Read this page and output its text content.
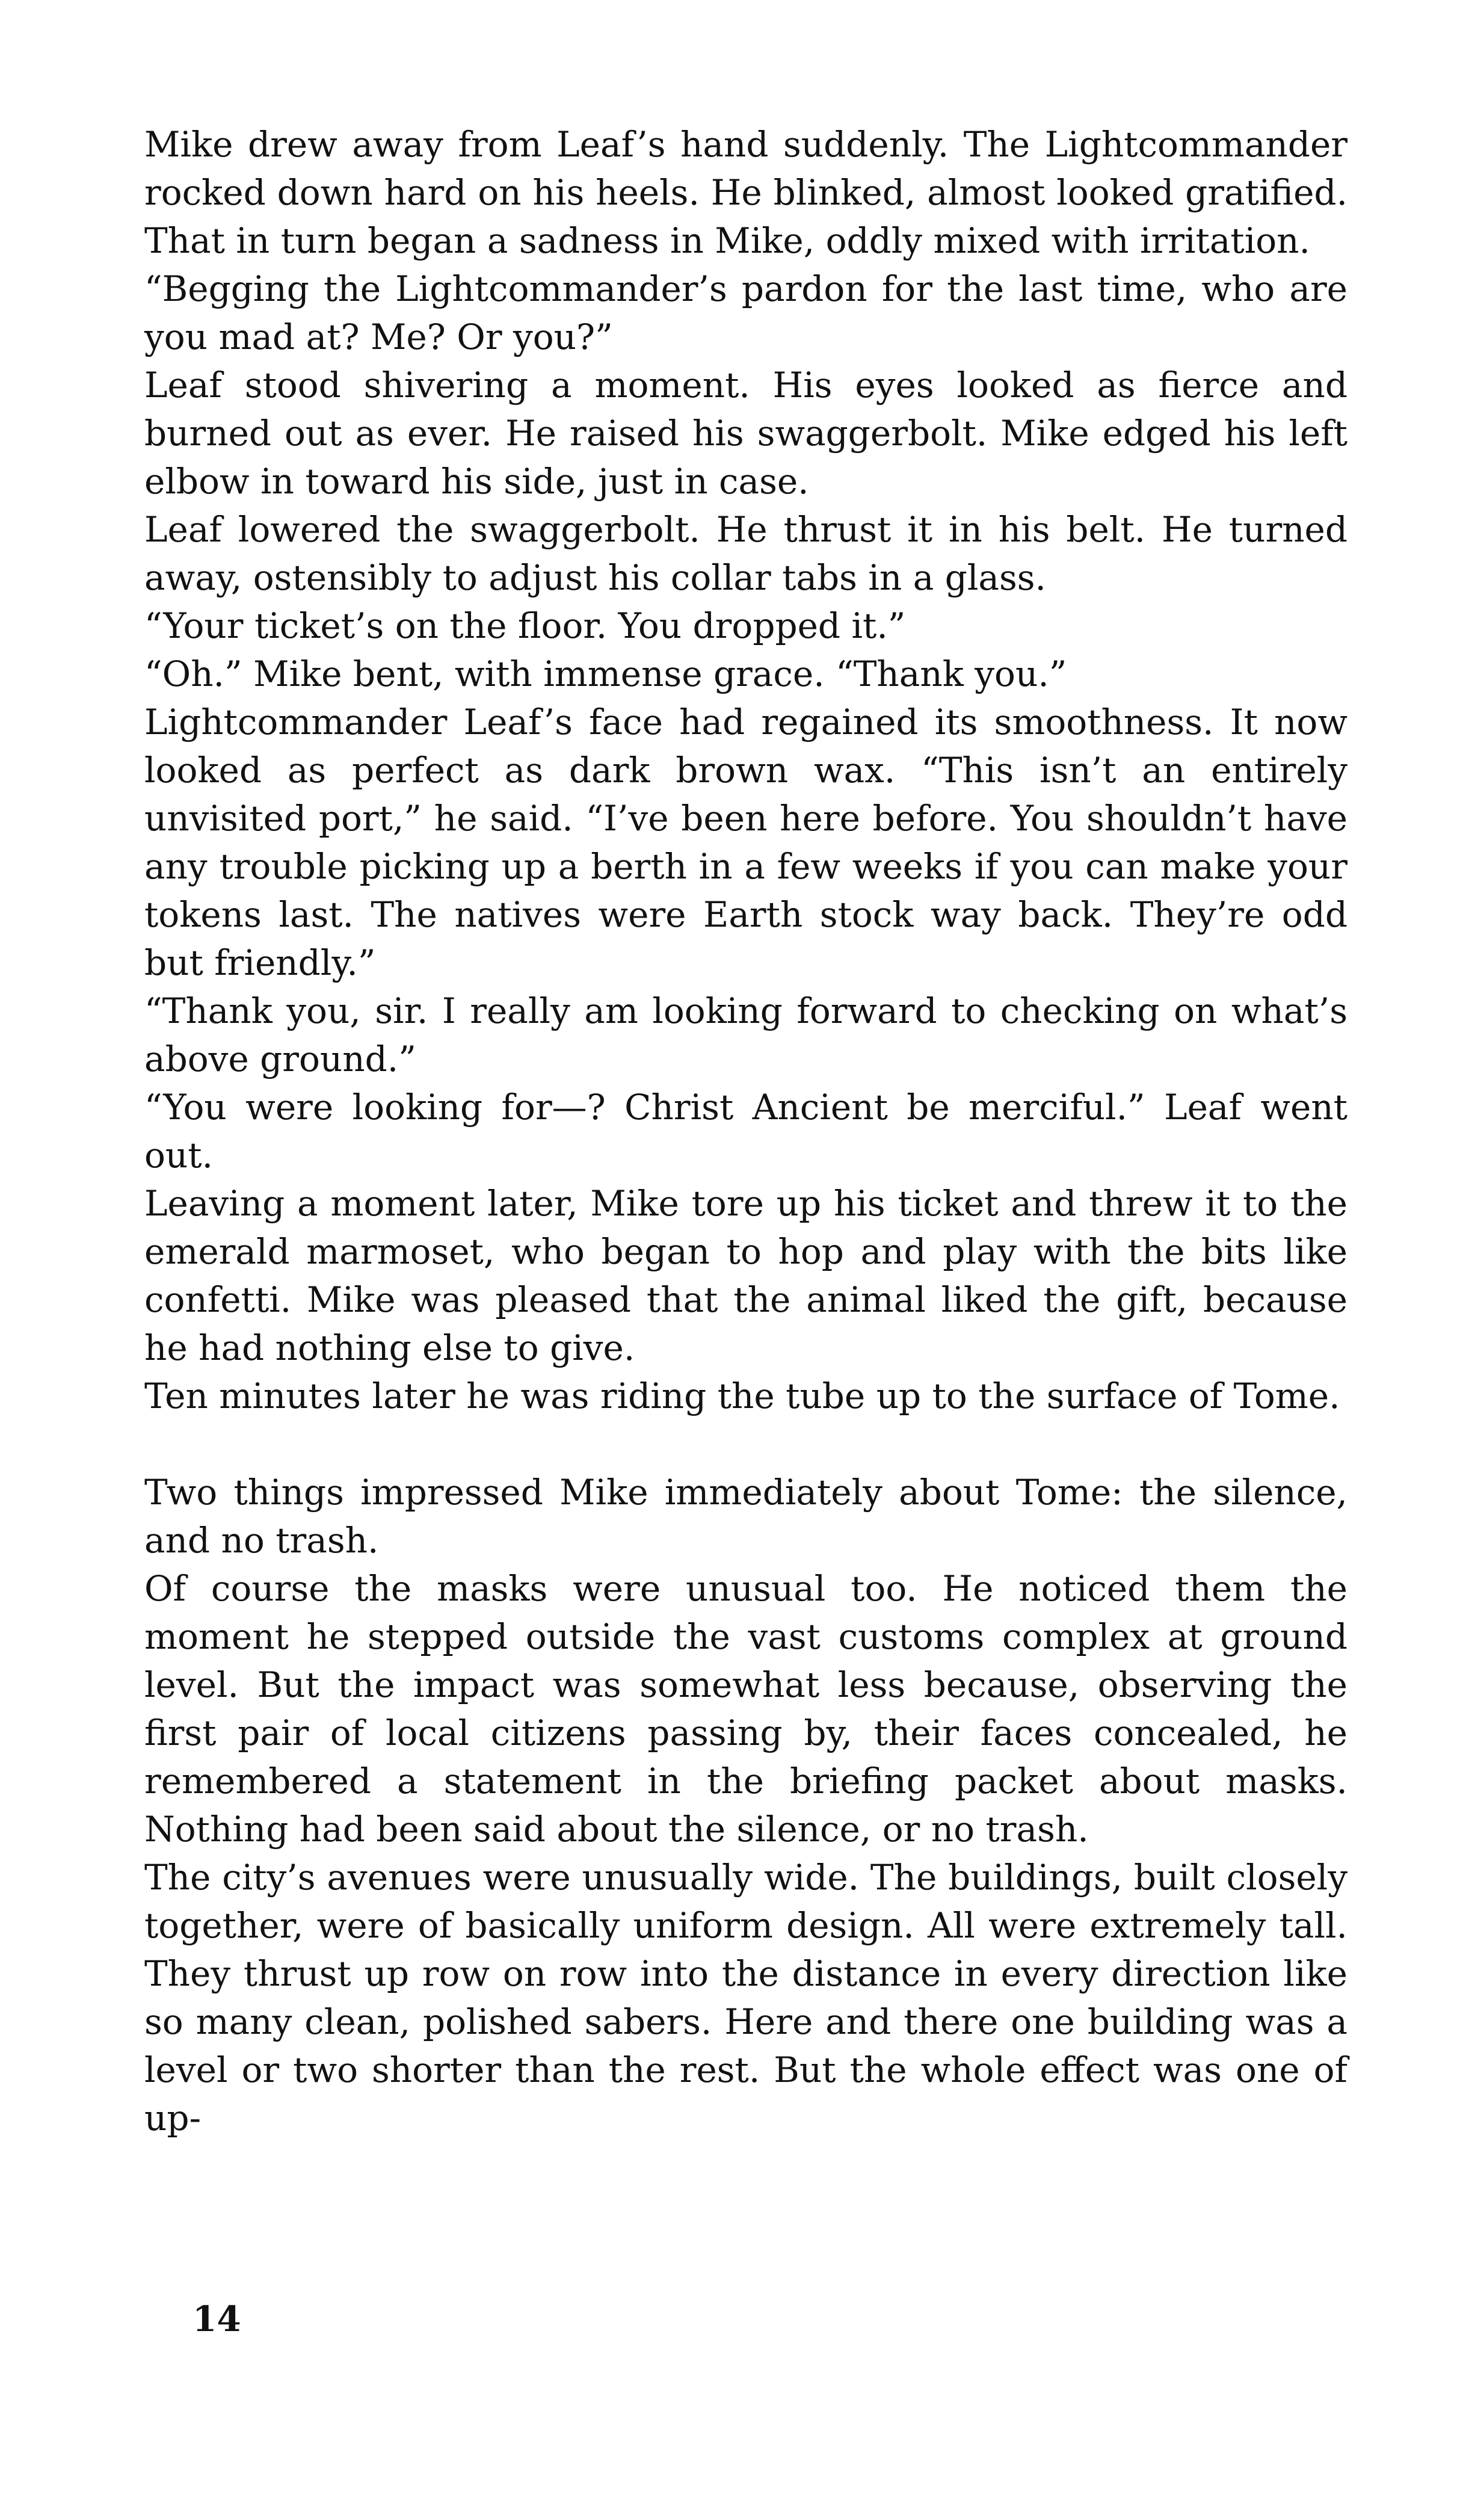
Mike drew away from Leaf’s hand suddenly. The Lightcommander rocked down hard on his heels. He blinked, almost looked gratified. That in turn began a sadness in Mike, oddly mixed with irritation.

“Begging the Lightcommander’s pardon for the last time, who are you mad at? Me? Or you?”

Leaf stood shivering a moment. His eyes looked as fierce and burned out as ever. He raised his swaggerbolt. Mike edged his left elbow in toward his side, just in case.

Leaf lowered the swaggerbolt. He thrust it in his belt. He turned away, ostensibly to adjust his collar tabs in a glass.

“Your ticket’s on the floor. You dropped it.”

“Oh.” Mike bent, with immense grace. “Thank you.”

Lightcommander Leaf’s face had regained its smoothness. It now looked as perfect as dark brown wax. “This isn’t an entirely unvisited port,” he said. “I’ve been here before. You shouldn’t have any trouble picking up a berth in a few weeks if you can make your tokens last. The natives were Earth stock way back. They’re odd but friendly.”

“Thank you, sir. I really am looking forward to checking on what’s above ground.”

“You were looking for—? Christ Ancient be merciful.” Leaf went out.

Leaving a moment later, Mike tore up his ticket and threw it to the emerald marmoset, who began to hop and play with the bits like confetti. Mike was pleased that the animal liked the gift, because he had nothing else to give.

Ten minutes later he was riding the tube up to the surface of Tome.

Two things impressed Mike immediately about Tome: the silence, and no trash.

Of course the masks were unusual too. He noticed them the moment he stepped outside the vast customs complex at ground level. But the impact was somewhat less because, observing the first pair of local citizens passing by, their faces concealed, he remembered a statement in the briefing packet about masks. Nothing had been said about the silence, or no trash.

The city’s avenues were unusually wide. The buildings, built closely together, were of basically uniform design. All were extremely tall. They thrust up row on row into the distance in every direction like so many clean, polished sabers. Here and there one building was a level or two shorter than the rest. But the whole effect was one of up-

14
